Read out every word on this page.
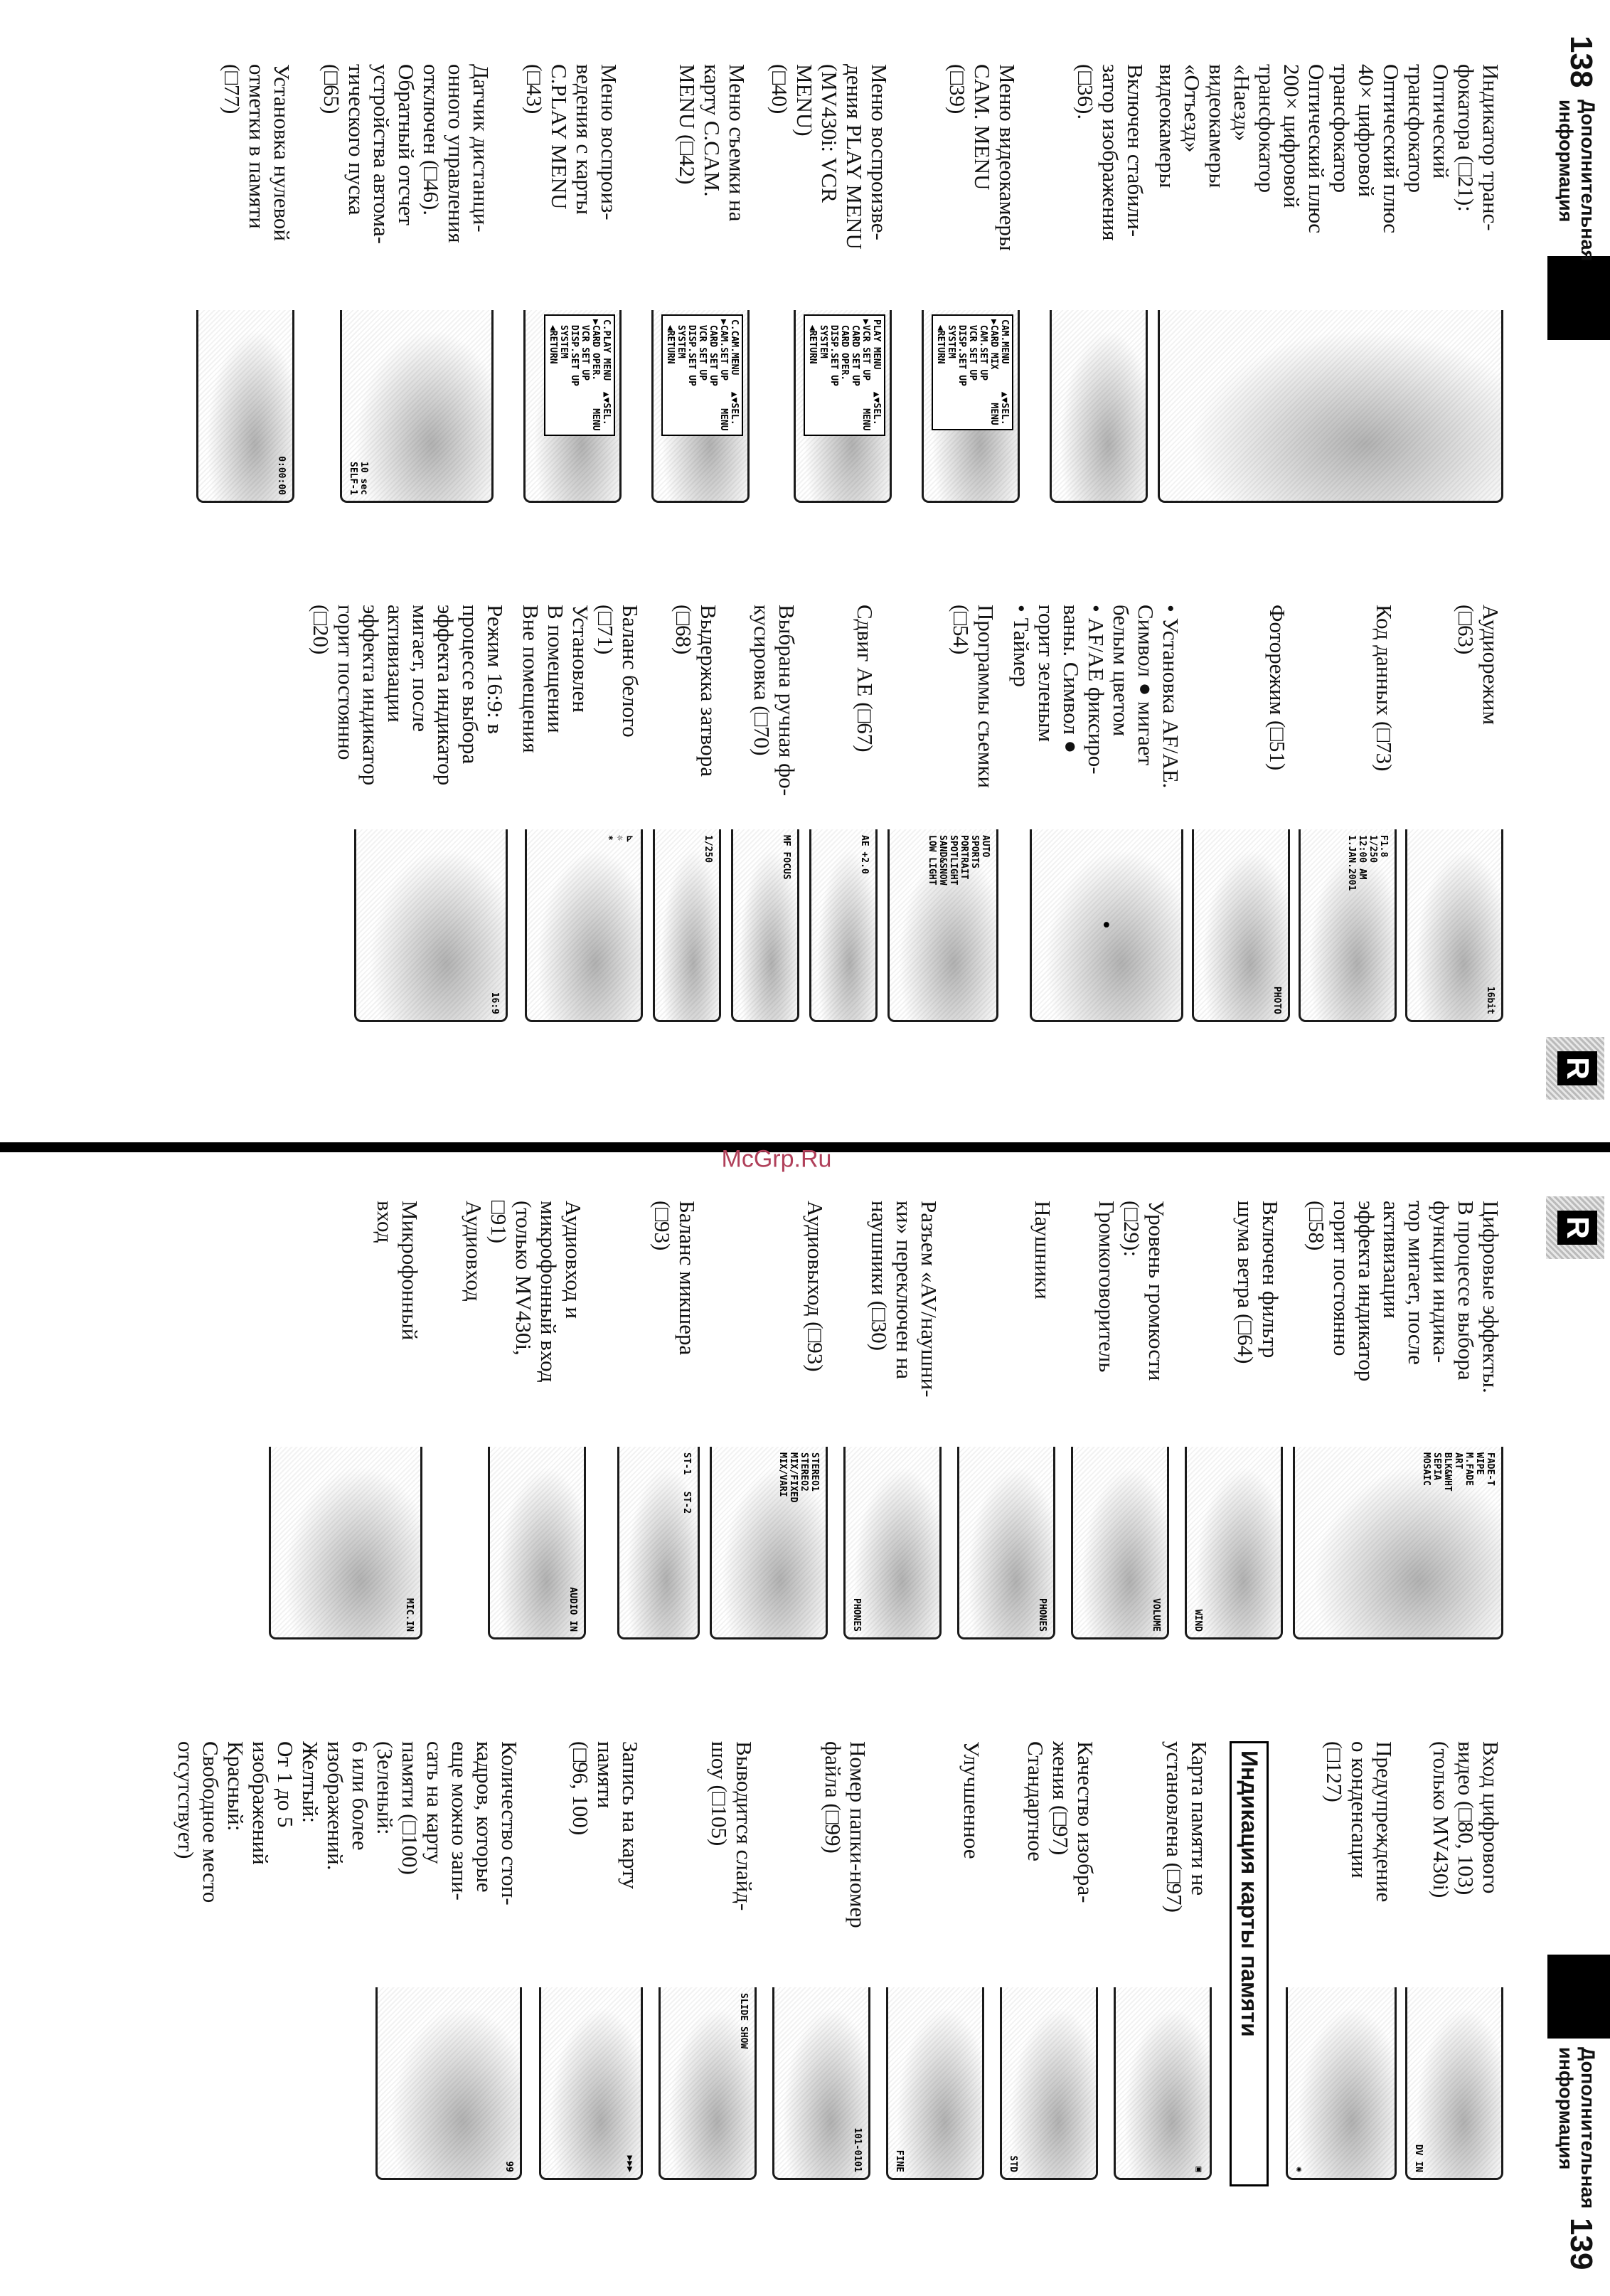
138
Дополнительная
информация
R
Индикатор транс-
фокатора (□21):
Оптический
трансфокатор
Оптический плюс
40× цифровой
трансфокатор
Оптический плюс
200× цифровой
трансфокатор
«Наезд»
видеокамеры
«Отъезд»
видеокамеры
Включен стабили-
затор изображения
(□36).
Меню видеокамеры
CAM. MENU
(□39)
CAM.MENU     ▲▼SEL.
▶CARD MIX      MENU
CAM.SET UP
VCR SET UP
DISP.SET UP
SYSTEM
◀RETURN
Меню воспроизве-
дения PLAY MENU
(MV430i: VCR
MENU)
(□40)
PLAY MENU    ▲▼SEL.
▶VCR SET UP     MENU
CARD SET UP
CARD OPER.
DISP.SET UP
SYSTEM
◀RETURN
Меню съемки на
карту C.CAM.
MENU (□42)
C.CAM.MENU   ▲▼SEL.
▶CAM.SET UP     MENU
CARD SET UP
VCR SET UP
DISP.SET UP
SYSTEM
◀RETURN
Меню воспроиз-
ведения с карты
C.PLAY MENU
(□43)
C.PLAY MENU  ▲▼SEL.
▶CARD OPER.     MENU
VCR SET UP
DISP.SET UP
SYSTEM
◀RETURN
Датчик дистанци-
онного управления
отключен (□46).
Обратный отсчет
устройства автома-
тического пуска
(□65)
10 sec
SELF-1
Установка нулевой
отметки в памяти
(□77)
0:00:00
Аудиорежим
(□63)
16bit
Код данных (□73)
F1.8
1/250
12:00 AM
1.JAN.2001
Фоторежим (□51)
PHOTO
• Установка AF/AE.
Символ ● мигает
белым цветом
• AF/AE фиксиро-
ваны. Символ ●
горит зеленым
• Таймер
●
Программы съемки
(□54)
AUTO
SPORTS
PORTRAIT
SPOTLIGHT
SAND&SNOW
LOW LIGHT
Сдвиг AE (□67)
AE +2.0
Выбрана ручная фо-
кусировка (□70)
MF FOCUS
Выдержка затвора
(□68)
1/250
Баланс белого
(□71)
Установлен
В помещении
Вне помещения
⊾
☼
*
Режим 16:9: в
процессе выбора
эффекта индикатор
мигает, после
активизации
эффекта индикатор
горит постоянно
(□20)
16:9
McGrp.Ru
R
Дополнительная
информация
139
Цифровые эффекты.
В процессе выбора
функции индика-
тор мигает, после
активизации
эффекта индикатор
горит постоянно
(□58)
FADE-T
WIPE
M.FADE
ART
BLK&WHT
SEPIA
MOSAIC
Включен фильтр
шума ветра (□64)
WIND
Уровень громкости
(□29):
Громкоговоритель
VOLUME
Наушники
PHONES
Разъем «AV/наушни-
ки» переключен на
наушники (□30)
PHONES
Аудиовыход (□93)
STEREO1
STEREO2
MIX/FIXED
MIX/VARI
Баланс микшера
(□93)
ST-1   ST-2
Аудиовход и
микрофонный вход
(только MV430i,
□91)
Аудиовход
AUDIO IN
Микрофонный
вход
MIC.IN
Вход цифрового
видео (□80, 103)
(только MV430i)
DV IN
Предупреждение
о конденсации
(□127)
✺
Индикация карты памяти
Карта памяти не
установлена (□97)
▣
Качество изобра-
жения (□97)
Стандартное
STD
Улучшенное
FINE
Номер папки-номер
файла (□99)
101-0101
Выводится слайд-
шоу (□105)
SLIDE SHOW
Запись на карту
памяти
(□96, 100)
▶▶▶
Количество стоп-
кадров, которые
еще можно запи-
сать на карту
памяти (□100)
(Зеленый:
6 или более
изображений.
Желтый:
От 1 до 5
изображений
Красный:
Свободное место
отсутствует)
99
